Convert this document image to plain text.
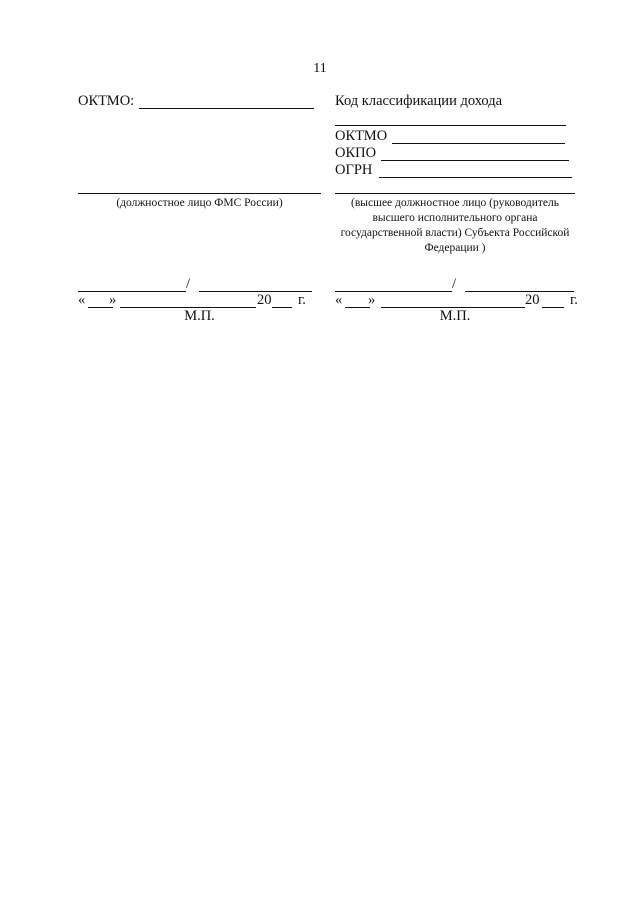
11
ОКТМО:
(должностное лицо ФМС России)
/
« »	20 г.
М.П.
Код классификации дохода
ОКТМО
ОКПО
ОГРН
(высшее должностное лицо (руководитель высшего исполнительного органа государственной власти) Субъекта Российской Федерации )
/
« »	20 г.
М.П.
